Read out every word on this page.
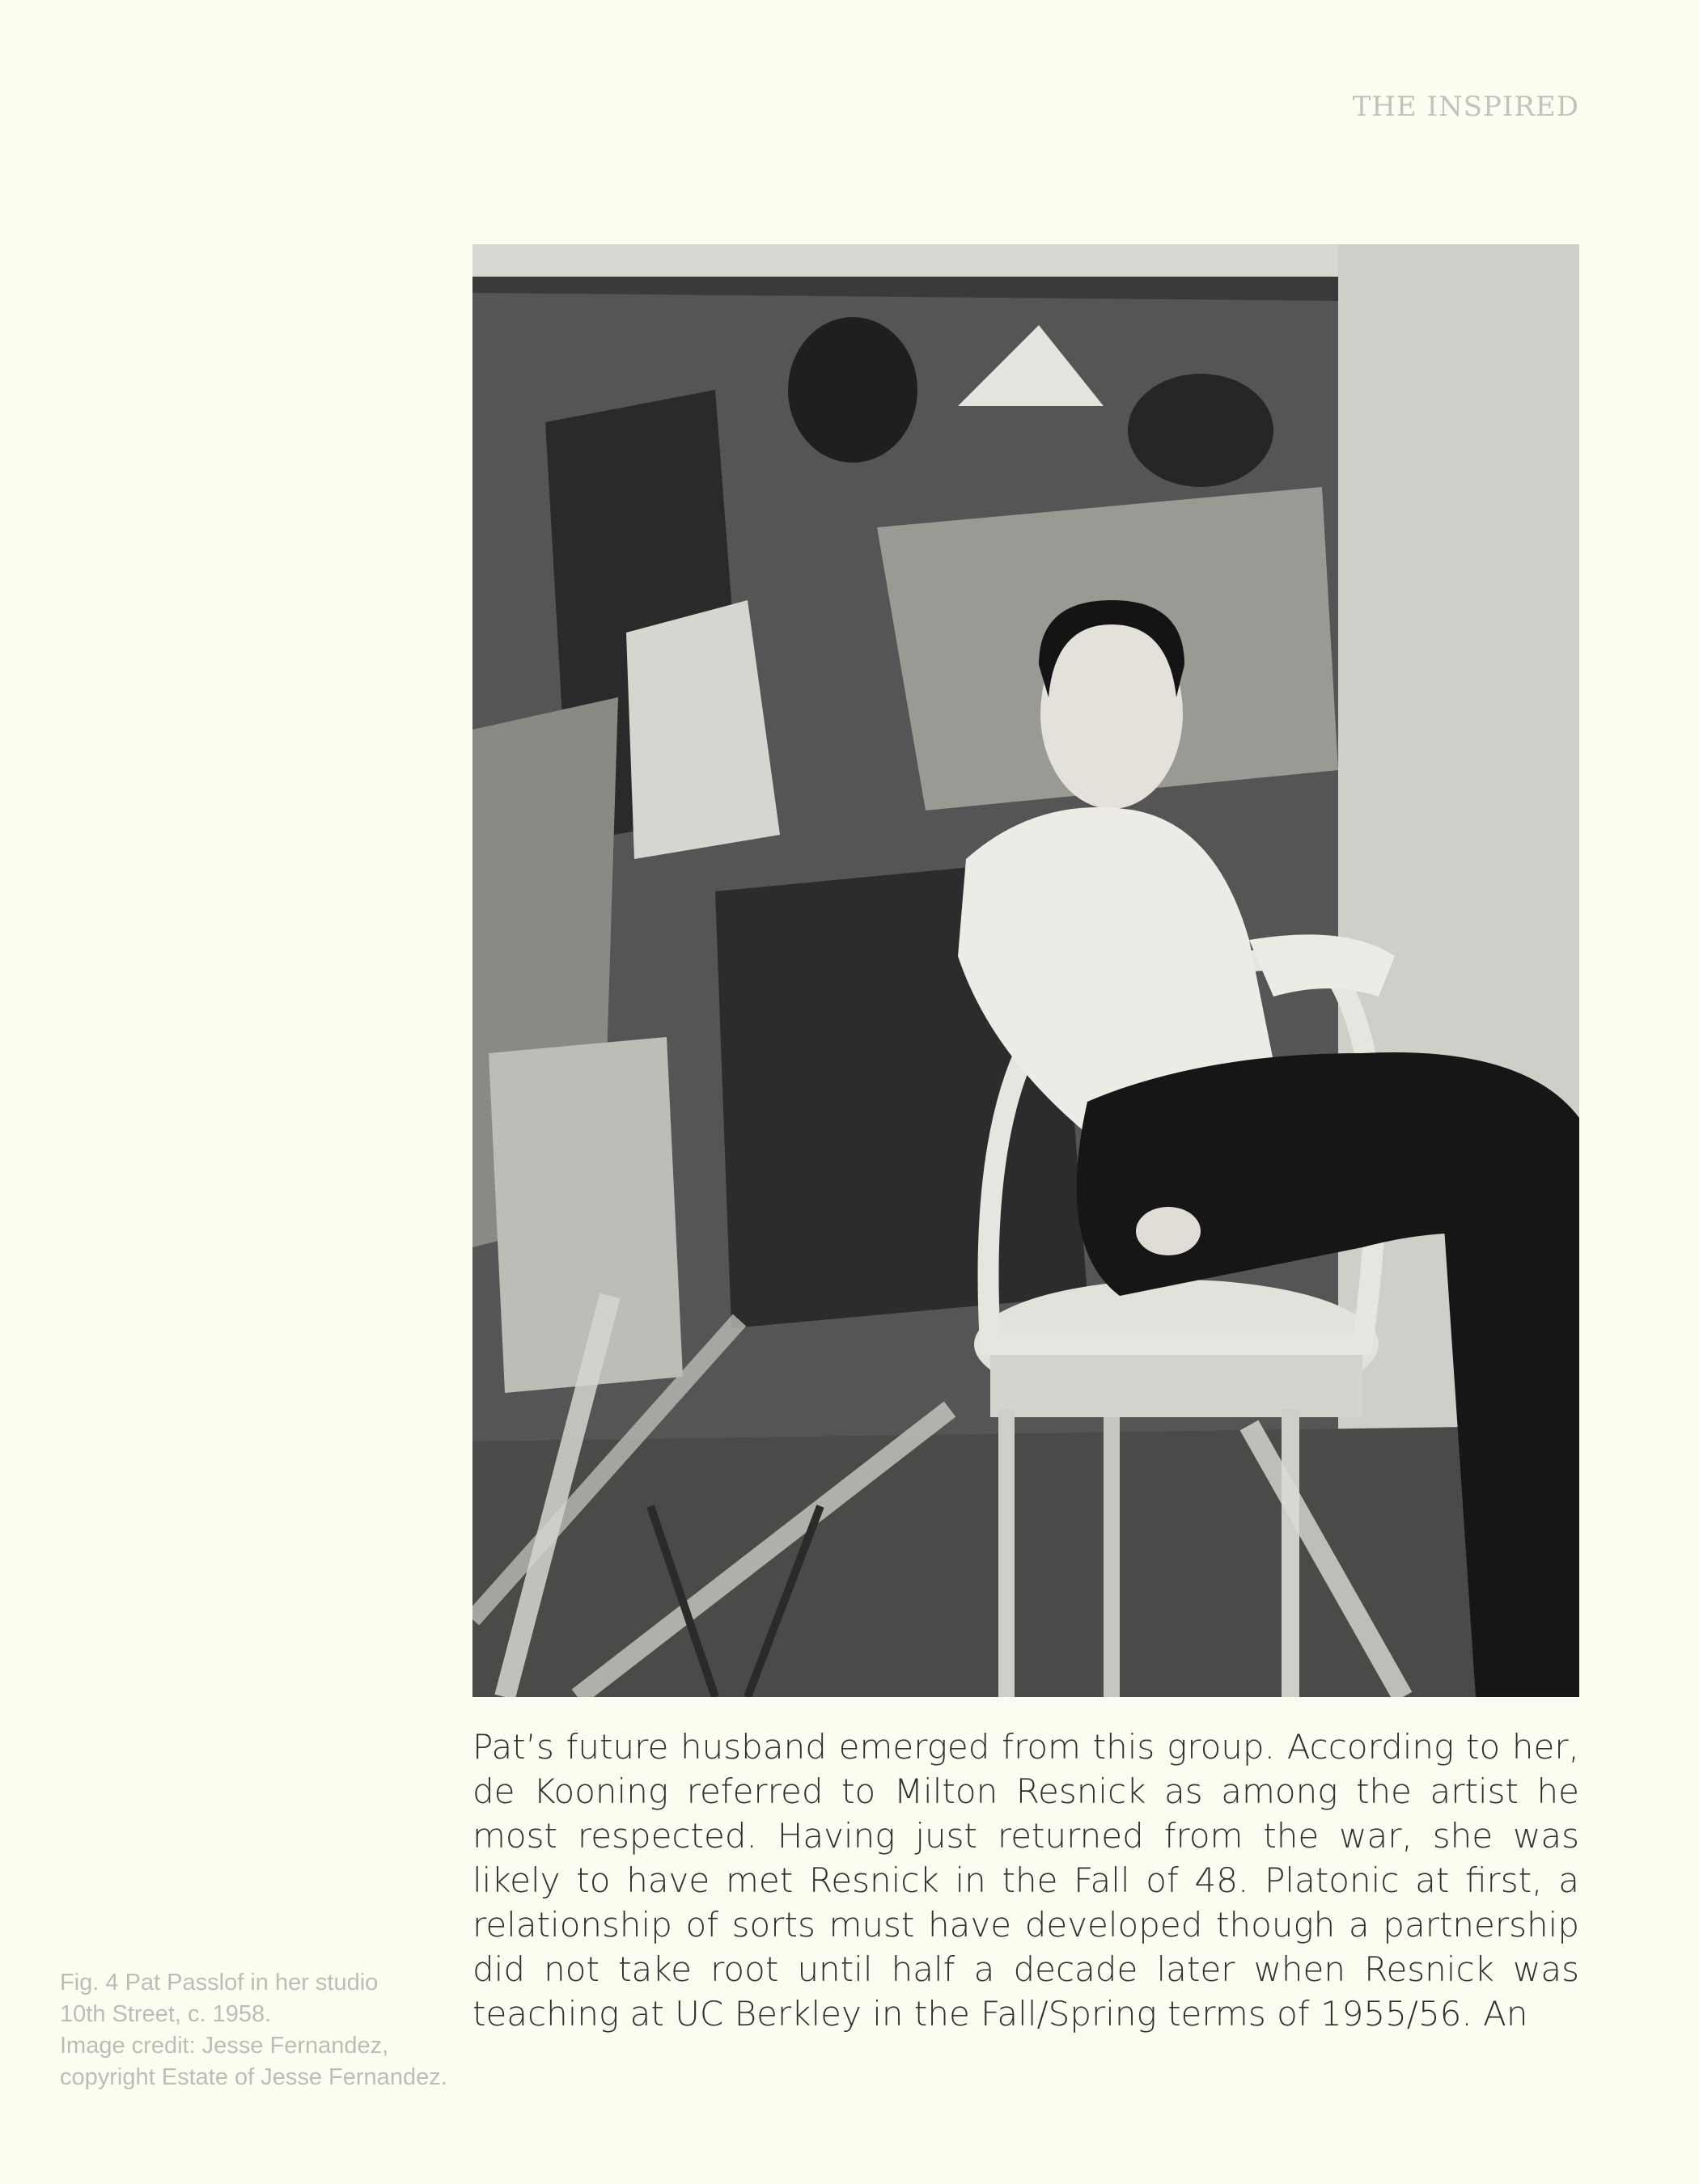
THE INSPIRED

Pat’s future husband emerged from this group. According to her, de Kooning referred to Milton Resnick as among the artist he most respected. Having just returned from the war, she was likely to have met Resnick in the Fall of 48. Platonic at first, a relationship of sorts must have developed though a partnership did not take root until half a decade later when Resnick was teaching at UC Berkley in the Fall/Spring terms of 1955/56. An

Fig. 4 Pat Passlof in her studio
10th Street, c. 1958.
Image credit: Jesse Fernandez,
copyright Estate of Jesse Fernandez.
